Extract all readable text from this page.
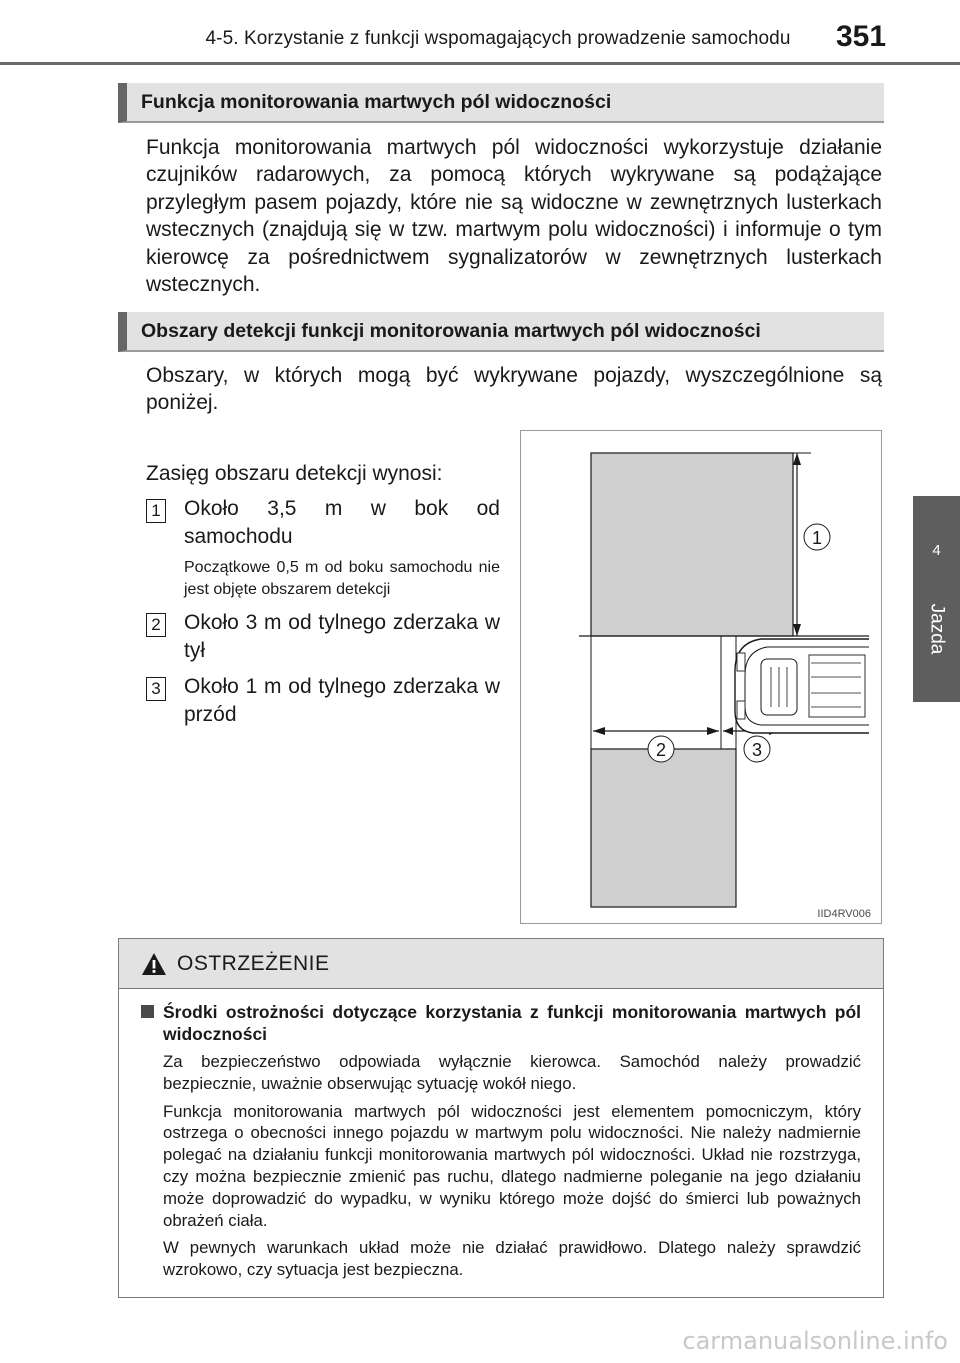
4-5. Korzystanie z funkcji wspomagających prowadzenie samochodu	351
4
Jazda
Funkcja monitorowania martwych pól widoczności

Funkcja monitorowania martwych pól widoczności wykorzystuje działanie czujników radarowych, za pomocą których wykrywane są podążające przyległym pasem pojazdy, które nie są widoczne w zewnętrznych lusterkach wstecznych (znajdują się w tzw. martwym polu widoczności) i informuje o tym kierowcę za pośrednictwem sygnalizatorów w zewnętrznych lusterkach wstecznych.

Obszary detekcji funkcji monitorowania martwych pól widoczności

Obszary, w których mogą być wykrywane pojazdy, wyszczególnione są poniżej.

Zasięg obszaru detekcji wynosi:
1 Około 3,5 m w bok od samochodu
Początkowe 0,5 m od boku samochodu nie jest objęte obszarem detekcji
2 Około 3 m od tylnego zderzaka w tył
3 Około 1 m od tylnego zderzaka w przód
1
2	3
IID4RV006
OSTRZEŻENIE
Środki ostrożności dotyczące korzystania z funkcji monitorowania martwych pól widoczności

Za bezpieczeństwo odpowiada wyłącznie kierowca. Samochód należy prowadzić bezpiecznie, uważnie obserwując sytuację wokół niego.

Funkcja monitorowania martwych pól widoczności jest elementem pomocniczym, który ostrzega o obecności innego pojazdu w martwym polu widoczności. Nie należy nadmiernie polegać na działaniu funkcji monitorowania martwych pól widoczności. Układ nie rozstrzyga, czy można bezpiecznie zmienić pas ruchu, dlatego nadmierne poleganie na jego działaniu może doprowadzić do wypadku, w wyniku którego może dojść do śmierci lub poważnych obrażeń ciała.

W pewnych warunkach układ może nie działać prawidłowo. Dlatego należy sprawdzić wzrokowo, czy sytuacja jest bezpieczna.

carmanualsonline.info
